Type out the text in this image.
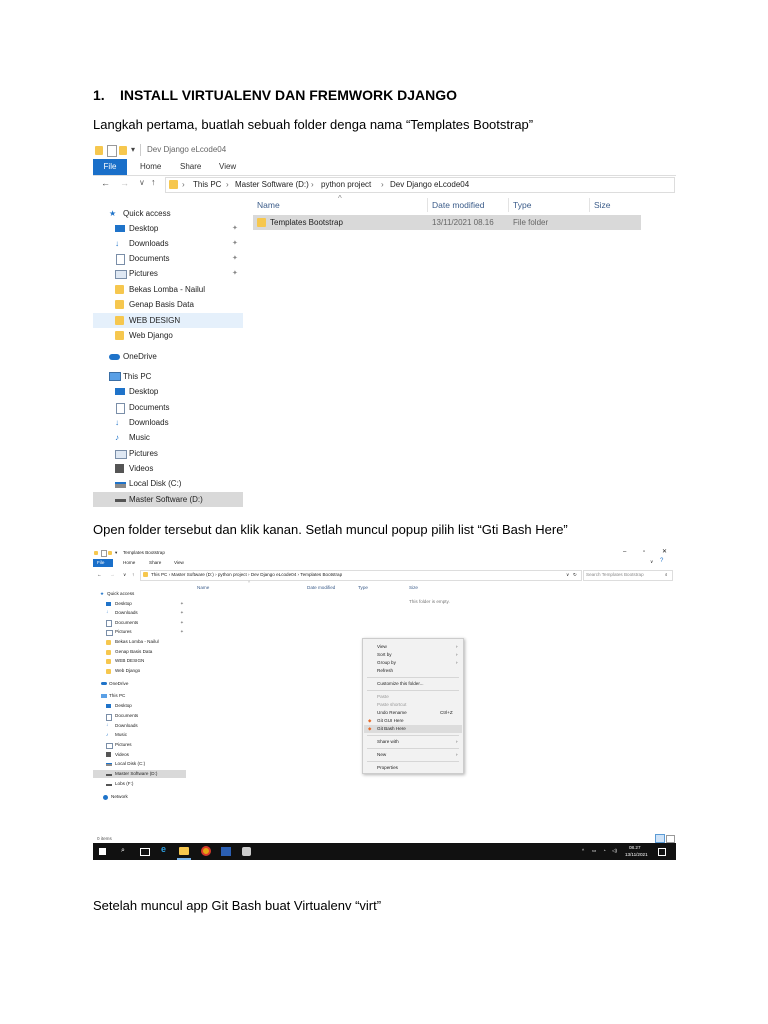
1. INSTALL VIRTUALENV DAN FREMWORK DJANGO
Langkah pertama, buatlah sebuah folder denga nama “Templates Bootstrap”
▾ Dev Django eLcode04
File	Home Share View
← → ∨ ↑	› This PC › Master Software (D:) › python project › Dev Django eLcode04
★ Quick access
Desktop	✦
↓ Downloads	✦
Documents	✦
Pictures	✦
Bekas Lomba - Nailul
Genap Basis Data
WEB DESIGN
Web Django
OneDrive
This PC
Desktop
Documents
↓ Downloads
♪ Music
Pictures
Videos
Local Disk (C:)
Master Software (D:)
^
Name	Date modified	Type	Size
Templates Bootstrap	13/11/2021 08.16 File folder
Open folder tersebut dan klik kanan. Setlah muncul popup pilih list “Gti Bash Here”
▾ Templates Bootstrap	–	▫	✕
File	Home	Share	View	?
∨
← → ∨ ↑	This PC › Master Software (D:) › python project › Dev Django eLcode04 › Templates Bootstrap	∨ ↻ Search Templates Bootstrap	⌕
★ Quick access
Desktop
↓ Downloads
Documents
Pictures
✦
✦
✦
✦
Bekas Lomba - Nailul
Genap Basis Data
WEB DESIGN
Web Django
OneDrive
This PC
Desktop
Documents
↓ Downloads
♪ Music
Pictures
Videos
Local Disk (C:)
Master Software (D:)
Lobs (F:)
Network
^
Name	Date modified	Type	Size
This folder is empty.
View
Sort by
Group by
Refresh
›
›
›
Customize this folder...
Paste
Paste shortcut
Undo Rename	Ctrl+Z
◆ Git GUI Here
◆ Git Bash Here
Share with	›
New	›
Properties
0 items
⌕	e	^ ▭ ◔ ◁)
08.27
13/11/2021
Setelah muncul app Git Bash buat Virtualenv “virt”
